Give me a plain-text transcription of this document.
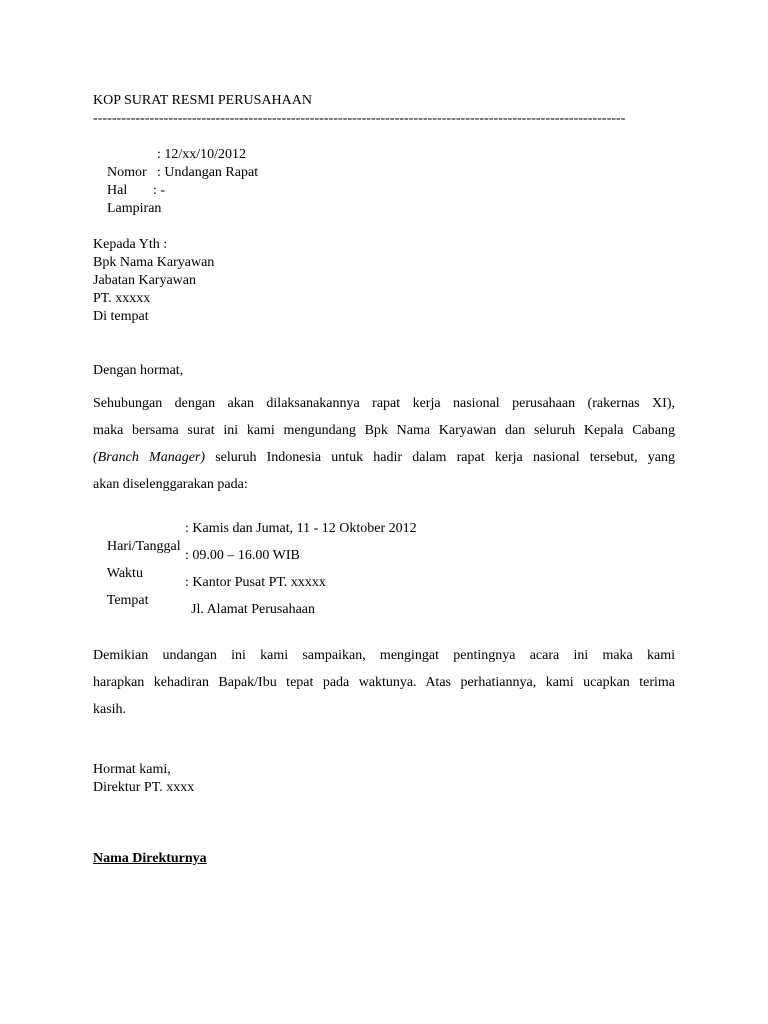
KOP SURAT RESMI PERUSAHAAN
-----------------------------------------------------------------------------------------------------------------

Nomor

: 12/xx/10/2012

Hal

: Undangan Rapat

Lampiran

: -

Kepada Yth :
Bpk Nama Karyawan
Jabatan Karyawan
PT. xxxxx
Di tempat
Dengan hormat,
Sehubungan dengan akan dilaksanakannya rapat kerja nasional perusahaan (rakernas XI),
maka bersama surat ini kami mengundang Bpk Nama Karyawan dan seluruh Kepala Cabang
(Branch Manager) seluruh Indonesia untuk hadir dalam rapat kerja nasional tersebut, yang
akan diselenggarakan pada:

Hari/Tanggal

: Kamis dan Jumat, 11 - 12 Oktober 2012

Waktu

: 09.00 – 16.00 WIB

Tempat

: Kantor Pusat PT. xxxxx

Jl. Alamat Perusahaan

Demikian undangan ini kami sampaikan, mengingat pentingnya acara ini maka kami
harapkan kehadiran Bapak/Ibu tepat pada waktunya. Atas perhatiannya, kami ucapkan terima
kasih.
Hormat kami,
Direktur PT. xxxx
Nama Direkturnya
